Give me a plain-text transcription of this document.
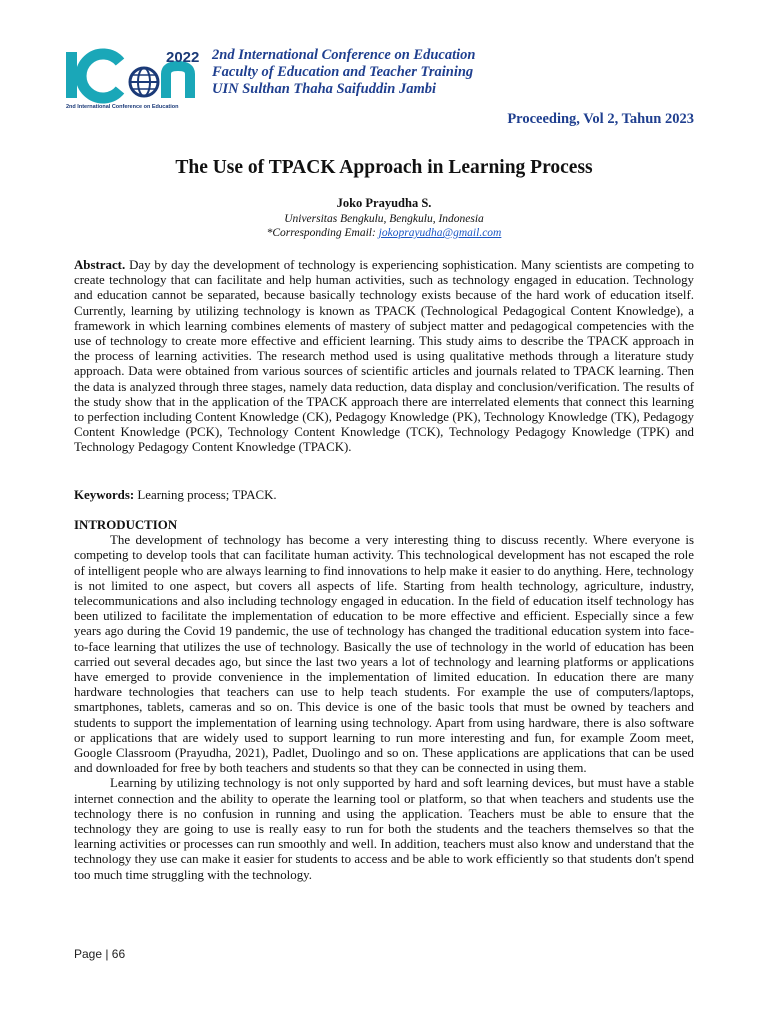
2022
2nd International Conference on Education
2nd International Conference on Education
Faculty of Education and Teacher Training
UIN Sulthan Thaha Saifuddin Jambi
Proceeding, Vol 2, Tahun 2023
The Use of TPACK Approach in Learning Process
Joko Prayudha S.
Universitas Bengkulu, Bengkulu, Indonesia
*Corresponding Email: jokoprayudha@gmail.com

Abstract. Day by day the development of technology is experiencing sophistication. Many scientists are competing to create technology that can facilitate and help human activities, such as technology engaged in education. Technology and education cannot be separated, because basically technology exists because of the hard work of education itself. Currently, learning by utilizing technology is known as TPACK (Technological Pedagogical Content Knowledge), a framework in which learning combines elements of mastery of subject matter and pedagogical competencies with the use of technology to create more effective and efficient learning. This study aims to describe the TPACK approach in the process of learning activities. The research method used is using qualitative methods through a literature study approach. Data were obtained from various sources of scientific articles and journals related to TPACK learning. Then the data is analyzed through three stages, namely data reduction, data display and conclusion/verification. The results of the study show that in the application of the TPACK approach there are interrelated elements that connect this learning to perfection including Content Knowledge (CK), Pedagogy Knowledge (PK), Technology Knowledge (TK), Pedagogy Content Knowledge (PCK), Technology Content Knowledge (TCK), Technology Pedagogy Knowledge (TPK) and Technology Pedagogy Content Knowledge (TPACK).

Keywords: Learning process; TPACK.

INTRODUCTION

The development of technology has become a very interesting thing to discuss recently. Where everyone is competing to develop tools that can facilitate human activity. This technological development has not escaped the role of intelligent people who are always learning to find innovations to help make it easier to do anything. Here, technology is not limited to one aspect, but covers all aspects of life. Starting from health technology, agriculture, industry, telecommunications and also including technology engaged in education. In the field of education itself technology has been utilized to facilitate the implementation of education to be more effective and efficient. Especially since a few years ago during the Covid 19 pandemic, the use of technology has changed the traditional education system into face-to-face learning that utilizes the use of technology. Basically the use of technology in the world of education has been carried out several decades ago, but since the last two years a lot of technology and learning platforms or applications have emerged to provide convenience in the implementation of limited education. In education there are many hardware technologies that teachers can use to help teach students. For example the use of computers/laptops, smartphones, tablets, cameras and so on. This device is one of the basic tools that must be owned by teachers and students to support the implementation of learning using technology. Apart from using hardware, there is also software or applications that are widely used to support learning to run more interesting and fun, for example Zoom meet, Google Classroom (Prayudha, 2021), Padlet, Duolingo and so on. These applications are applications that can be used and downloaded for free by both teachers and students so that they can be connected in using them.

Learning by utilizing technology is not only supported by hard and soft learning devices, but must have a stable internet connection and the ability to operate the learning tool or platform, so that when teachers and students use the technology there is no confusion in running and using the application. Teachers must be able to ensure that the technology they are going to use is really easy to run for both the students and the teachers themselves so that the learning activities or processes can run smoothly and well. In addition, teachers must also know and understand that the technology they use can make it easier for students to access and be able to work efficiently so that students don't spend too much time struggling with the technology.

Page | 66
